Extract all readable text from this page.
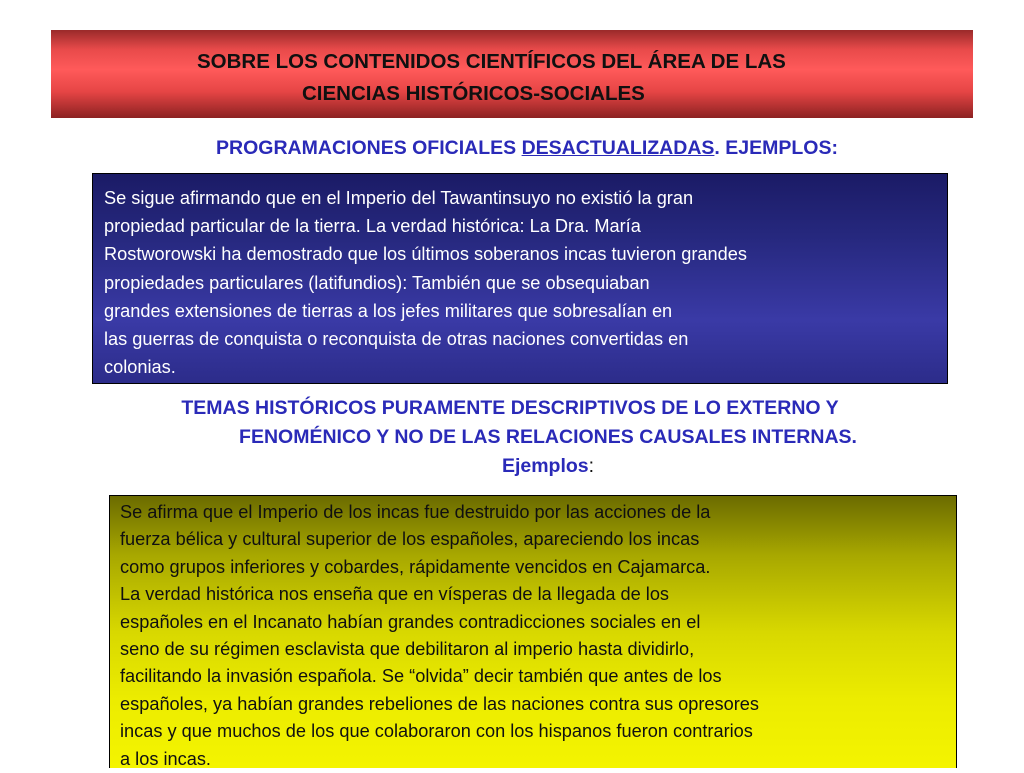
SOBRE LOS CONTENIDOS CIENTÍFICOS DEL ÁREA DE LAS
CIENCIAS HISTÓRICOS-SOCIALES
PROGRAMACIONES OFICIALES DESACTUALIZADAS. EJEMPLOS:
Se sigue afirmando que en el Imperio del Tawantinsuyo no existió la gran
propiedad particular de la tierra. La verdad histórica: La Dra. María
Rostworowski ha demostrado que los últimos soberanos incas tuvieron grandes
propiedades particulares (latifundios): También que se obsequiaban
grandes extensiones de tierras a los jefes militares que sobresalían en
las guerras de conquista o reconquista de otras naciones convertidas en
colonias.
TEMAS HISTÓRICOS PURAMENTE DESCRIPTIVOS DE LO EXTERNO Y
FENOMÉNICO Y NO DE LAS RELACIONES CAUSALES INTERNAS.
Ejemplos:
Se afirma que el Imperio de los incas fue destruido por las acciones de la
fuerza bélica y cultural superior de los españoles, apareciendo los incas
como grupos inferiores y cobardes, rápidamente vencidos en Cajamarca.
La verdad histórica nos enseña que en vísperas de la llegada de los
españoles en el Incanato habían grandes contradicciones sociales en el
seno de su régimen esclavista que debilitaron al imperio hasta dividirlo,
facilitando la invasión española. Se “olvida” decir también que antes de los
españoles, ya habían grandes rebeliones de las naciones contra sus opresores
incas y que muchos de los que colaboraron con los hispanos fueron contrarios
a los incas.
